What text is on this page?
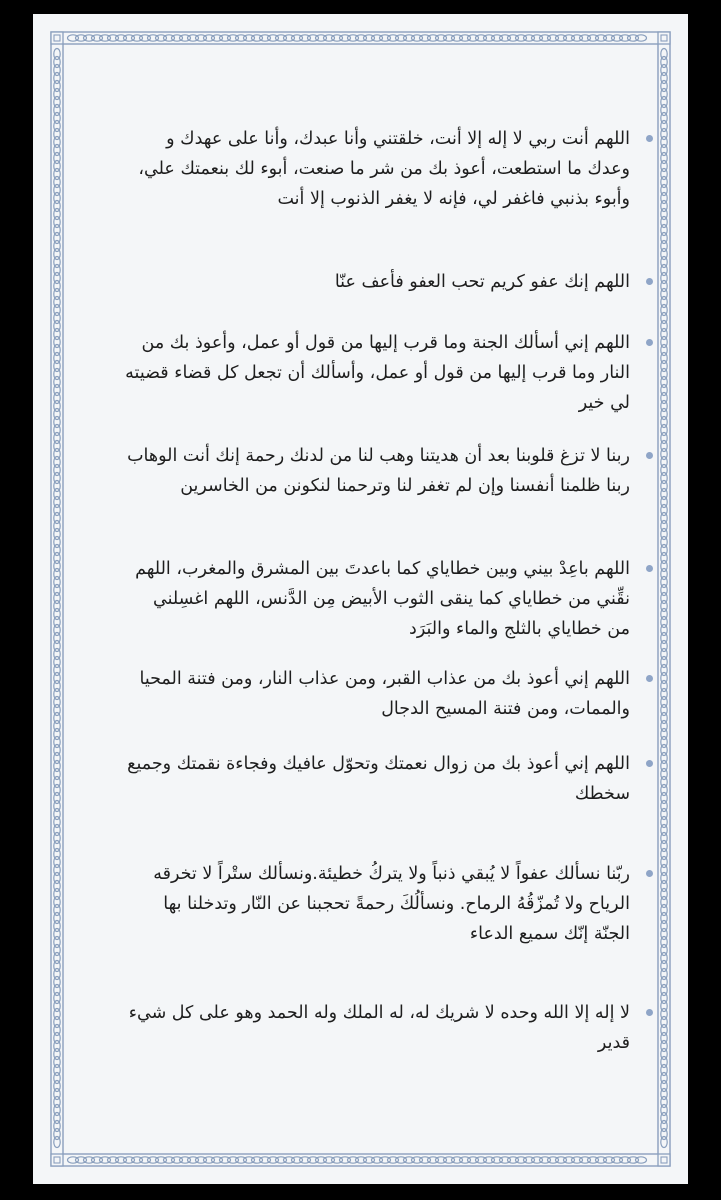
اللهم أنت ربي لا إله إلا أنت، خلقتني وأنا عبدك، وأنا على عهدك و وعدك ما استطعت، أعوذ بك من شر ما صنعت، أبوء لك بنعمتك علي، وأبوء بذنبي فاغفر لي، فإنه لا يغفر الذنوب إلا أنت
اللهم إنك عفو كريم تحب العفو فأعف عنّا
اللهم إني أسألك الجنة وما قرب إليها من قول أو عمل، وأعوذ بك من النار وما قرب إليها من قول أو عمل، وأسألك أن تجعل كل قضاء قضيته لي خير
ربنا لا تزغ قلوبنا بعد أن هديتنا وهب لنا من لدنك رحمة إنك أنت الوهاب ربنا ظلمنا أنفسنا وإن لم تغفر لنا وترحمنا لنكونن من الخاسرين
اللهم باعِدْ بيني وبين خطاياي كما باعدتَ بين المشرق والمغرب، اللهم نقِّني من خطاياي كما ينقى الثوب الأبيض مِن الدَّنس، اللهم اغسِلني من خطاياي بالثلج والماء والبَرَد
اللهم إني أعوذ بك من عذاب القبر، ومن عذاب النار، ومن فتنة المحيا والممات، ومن فتنة المسيح الدجال
اللهم إني أعوذ بك من زوال نعمتك وتحوّل عافيك وفجاءة نقمتك وجميع سخطك
ربّنا نسألك عفواً لا يُبقي ذنباً ولا يتركُ خطيئة.ونسألك ستْراً لا تخرقه الرياح ولا تُمزّقُهُ الرماح. ونسألُكَ رحمةً تحجبنا عن النّار وتدخلنا بها الجنّة إنّك سميع الدعاء
لا إله إلا الله وحده لا شريك له، له الملك وله الحمد وهو على كل شيء قدير
